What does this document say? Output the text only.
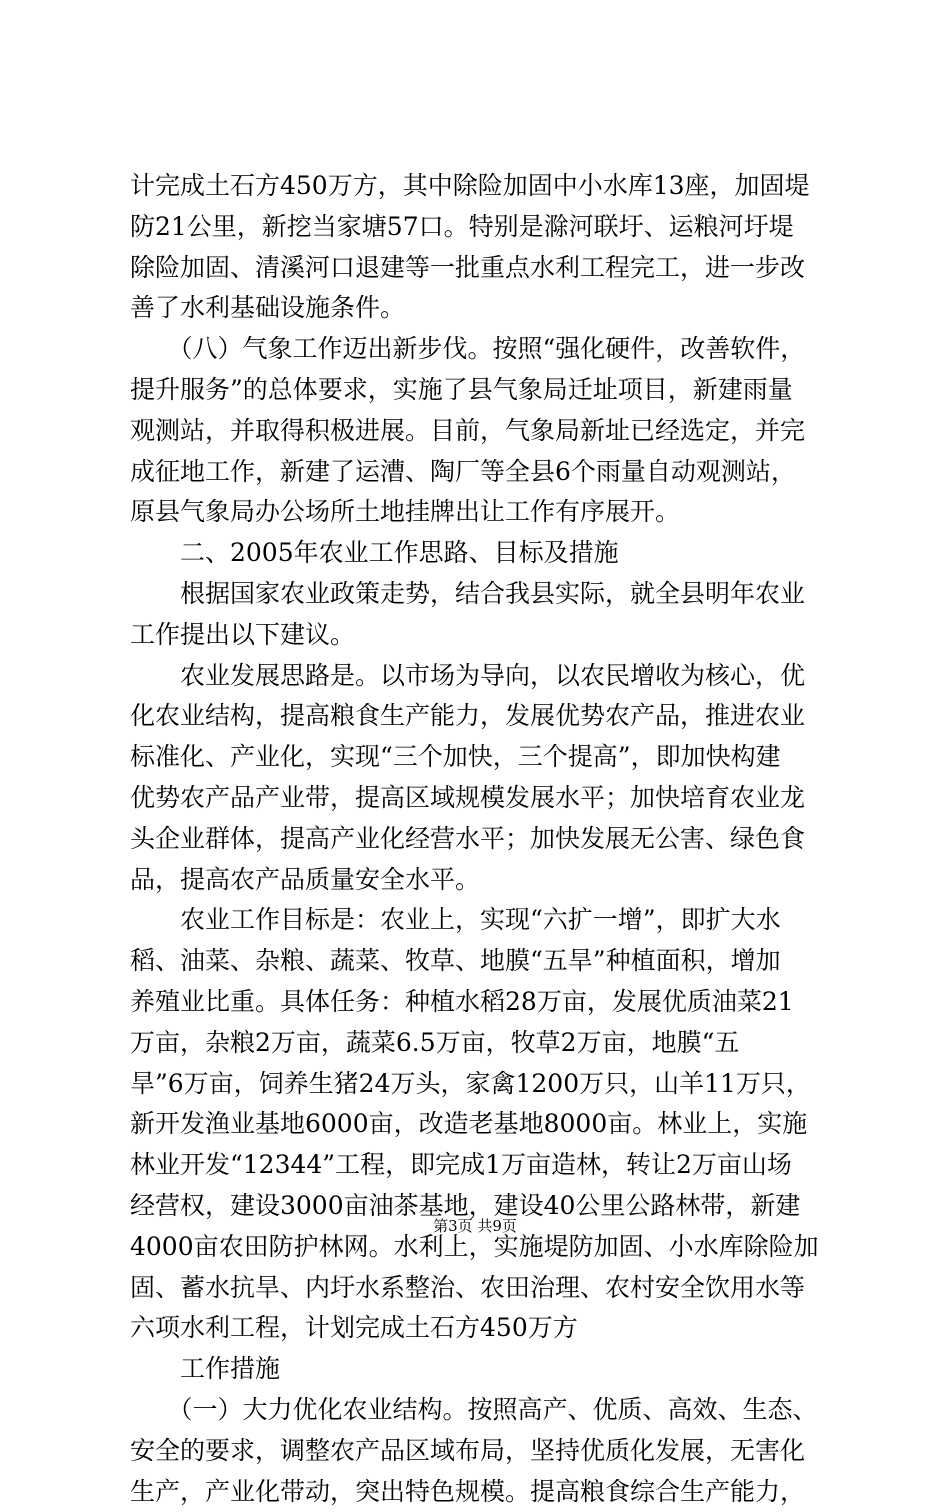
计完成土石方450万方，其中除险加固中小水库13座，加固堤
防21公里，新挖当家塘57口。特别是滁河联圩、运粮河圩堤
除险加固、清溪河口退建等一批重点水利工程完工，进一步改
善了水利基础设施条件。
　　（八）气象工作迈出新步伐。按照“强化硬件，改善软件，
提升服务”的总体要求，实施了县气象局迁址项目，新建雨量
观测站，并取得积极进展。目前，气象局新址已经选定，并完
成征地工作，新建了运漕、陶厂等全县6个雨量自动观测站，
原县气象局办公场所土地挂牌出让工作有序展开。
　　二、2005年农业工作思路、目标及措施
　　根据国家农业政策走势，结合我县实际，就全县明年农业
工作提出以下建议。
　　农业发展思路是。以市场为导向，以农民增收为核心，优
化农业结构，提高粮食生产能力，发展优势农产品，推进农业
标准化、产业化，实现“三个加快，三个提高”，即加快构建
优势农产品产业带，提高区域规模发展水平；加快培育农业龙
头企业群体，提高产业化经营水平；加快发展无公害、绿色食
品，提高农产品质量安全水平。
　　农业工作目标是：农业上，实现“六扩一增”，即扩大水
稻、油菜、杂粮、蔬菜、牧草、地膜“五旱”种植面积，增加
养殖业比重。具体任务：种植水稻28万亩，发展优质油菜21
万亩，杂粮2万亩，蔬菜6.5万亩，牧草2万亩，地膜“五
旱”6万亩，饲养生猪24万头，家禽1200万只，山羊11万只，
新开发渔业基地6000亩，改造老基地8000亩。林业上，实施
林业开发“12344”工程，即完成1万亩造林，转让2万亩山场
经营权，建设3000亩油茶基地，建设40公里公路林带，新建
4000亩农田防护林网。水利上，实施堤防加固、小水库除险加
固、蓄水抗旱、内圩水系整治、农田治理、农村安全饮用水等
六项水利工程，计划完成土石方450万方
　　工作措施
　　（一）大力优化农业结构。按照高产、优质、高效、生态、
安全的要求，调整农产品区域布局，坚持优质化发展，无害化
生产，产业化带动，突出特色规模。提高粮食综合生产能力，
第3页 共9页
